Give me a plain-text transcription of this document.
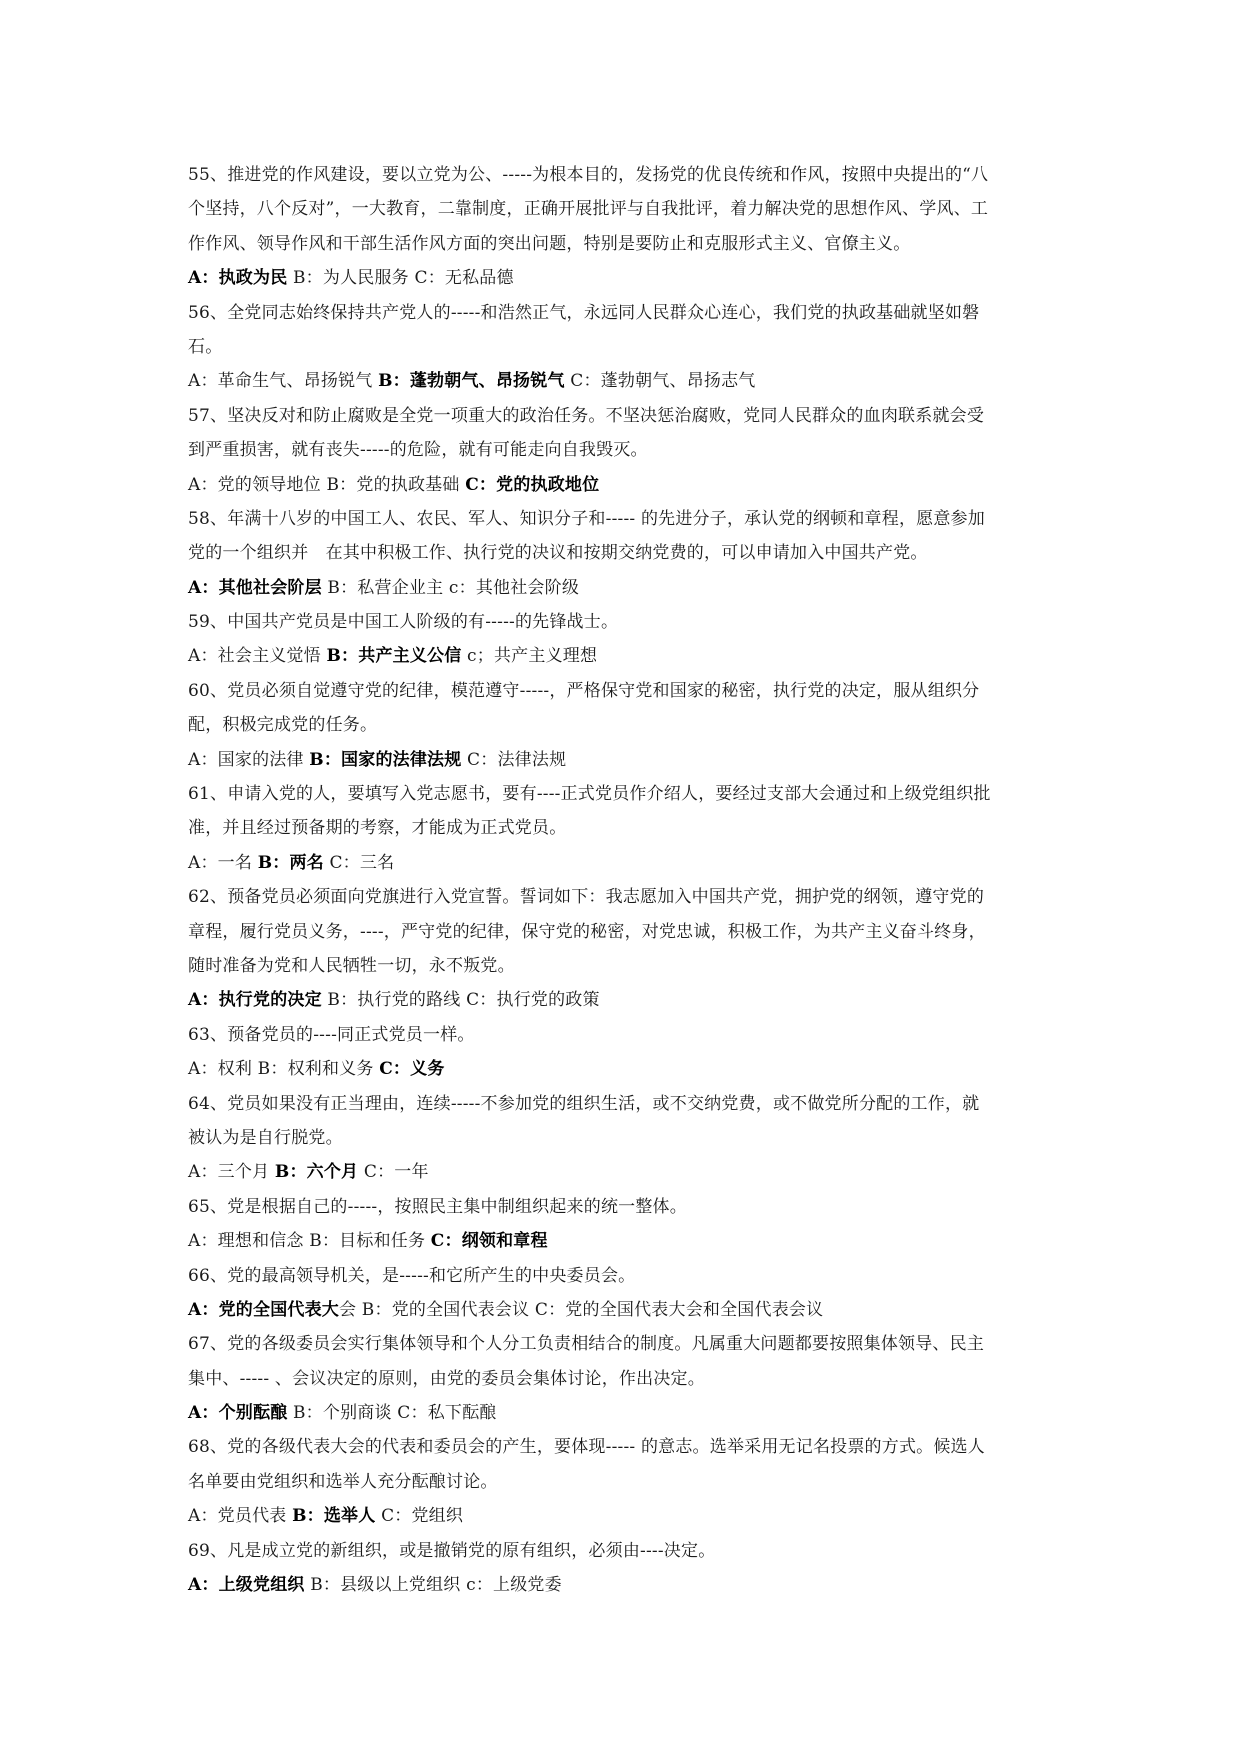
55、推进党的作风建设，要以立党为公、-----为根本目的，发扬党的优良传统和作风，按照中央提出的“八
个坚持，八个反对”，一大教育，二靠制度，正确开展批评与自我批评，着力解决党的思想作风、学风、工
作作风、领导作风和干部生活作风方面的突出问题，特别是要防止和克服形式主义、官僚主义。
A：执政为民 B：为人民服务 C：无私品德
56、全党同志始终保持共产党人的-----和浩然正气，永远同人民群众心连心，我们党的执政基础就坚如磐
石。
A：革命生气、昂扬锐气 B：蓬勃朝气、昂扬锐气 C：蓬勃朝气、昂扬志气
57、坚决反对和防止腐败是全党一项重大的政治任务。不坚决惩治腐败，党同人民群众的血肉联系就会受
到严重损害，就有丧失-----的危险，就有可能走向自我毁灭。
A：党的领导地位 B：党的执政基础 C：党的执政地位
58、年满十八岁的中国工人、农民、军人、知识分子和----- 的先进分子，承认党的纲顿和章程，愿意参加
党的一个组织并　在其中积极工作、执行党的决议和按期交纳党费的，可以申请加入中国共产党。
A：其他社会阶层 B：私营企业主 c：其他社会阶级
59、中国共产党员是中国工人阶级的有-----的先锋战士。
A：社会主义觉悟 B：共产主义公信 c；共产主义理想
60、党员必须自觉遵守党的纪律，模范遵守-----，严格保守党和国家的秘密，执行党的决定，服从组织分
配，积极完成党的任务。
A：国家的法律 B：国家的法律法规 C：法律法规
61、申请入党的人，要填写入党志愿书，要有----正式党员作介绍人，要经过支部大会通过和上级党组织批
准，并且经过预备期的考察，才能成为正式党员。
A：一名 B：两名 C：三名
62、预备党员必须面向党旗进行入党宣誓。誓词如下：我志愿加入中国共产党，拥护党的纲领，遵守党的
章程，履行党员义务，----，严守党的纪律，保守党的秘密，对党忠诚，积极工作，为共产主义奋斗终身，
随时准备为党和人民牺牲一切，永不叛党。
A：执行党的决定 B：执行党的路线 C：执行党的政策
63、预备党员的----同正式党员一样。
A：权利 B：权利和义务 C：义务
64、党员如果没有正当理由，连续-----不参加党的组织生活，或不交纳党费，或不做党所分配的工作，就
被认为是自行脱党。
A：三个月 B：六个月 C：一年
65、党是根据自己的-----，按照民主集中制组织起来的统一整体。
A：理想和信念 B：目标和任务 C：纲领和章程
66、党的最高领导机关，是-----和它所产生的中央委员会。
A：党的全国代表大会 B：党的全国代表会议 C：党的全国代表大会和全国代表会议
67、党的各级委员会实行集体领导和个人分工负责相结合的制度。凡属重大问题都要按照集体领导、民主
集中、----- 、会议决定的原则，由党的委员会集体讨论，作出决定。
A：个别酝酿 B：个别商谈 C：私下酝酿
68、党的各级代表大会的代表和委员会的产生，要体现----- 的意志。选举采用无记名投票的方式。候选人
名单要由党组织和选举人充分酝酿讨论。
A：党员代表 B：选举人 C：党组织
69、凡是成立党的新组织，或是撤销党的原有组织，必须由----决定。
A：上级党组织 B：县级以上党组织 c：上级党委
